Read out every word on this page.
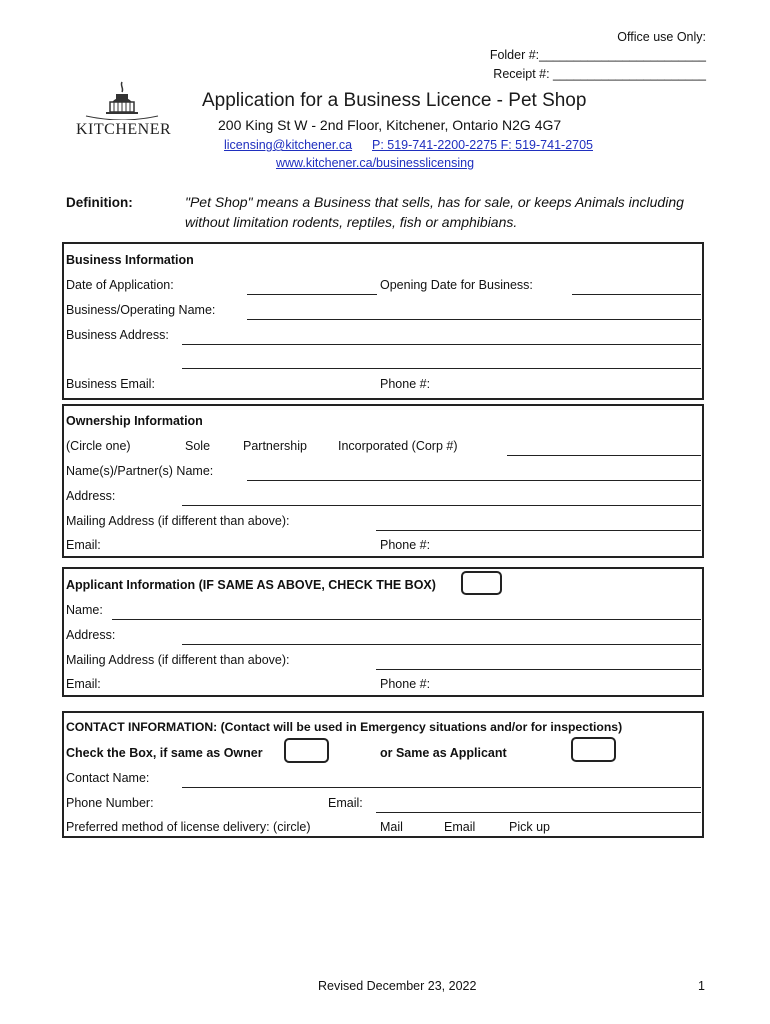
Office use Only:
Folder #:________________________
Receipt #: ______________________
KITCHENER
Application for a Business Licence - Pet Shop
200 King St W - 2nd Floor, Kitchener, Ontario N2G 4G7
licensing@kitchener.ca P: 519-741-2200-2275 F: 519-741-2705
www.kitchener.ca/businesslicensing
Definition:	"Pet Shop" means a Business that sells, has for sale, or keeps Animals including without limitation rodents, reptiles, fish or amphibians.
Business Information
Date of Application:	Opening Date for Business:
Business/Operating Name:
Business Address:
Business Email:	Phone #:
Ownership Information
(Circle one)	Sole	Partnership Incorporated (Corp #)
Name(s)/Partner(s) Name:
Address:
Mailing Address (if different than above):
Email:	Phone #:
Applicant Information (IF SAME AS ABOVE, CHECK THE BOX)
Name:
Address:
Mailing Address (if different than above):
Email:	Phone #:
CONTACT INFORMATION: (Contact will be used in Emergency situations and/or for inspections)
Check the Box, if same as Owner	or Same as Applicant
Contact Name:
Phone Number:	Email:
Preferred method of license delivery: (circle)	Mail	Email	Pick up
Revised December 23, 2022	1
